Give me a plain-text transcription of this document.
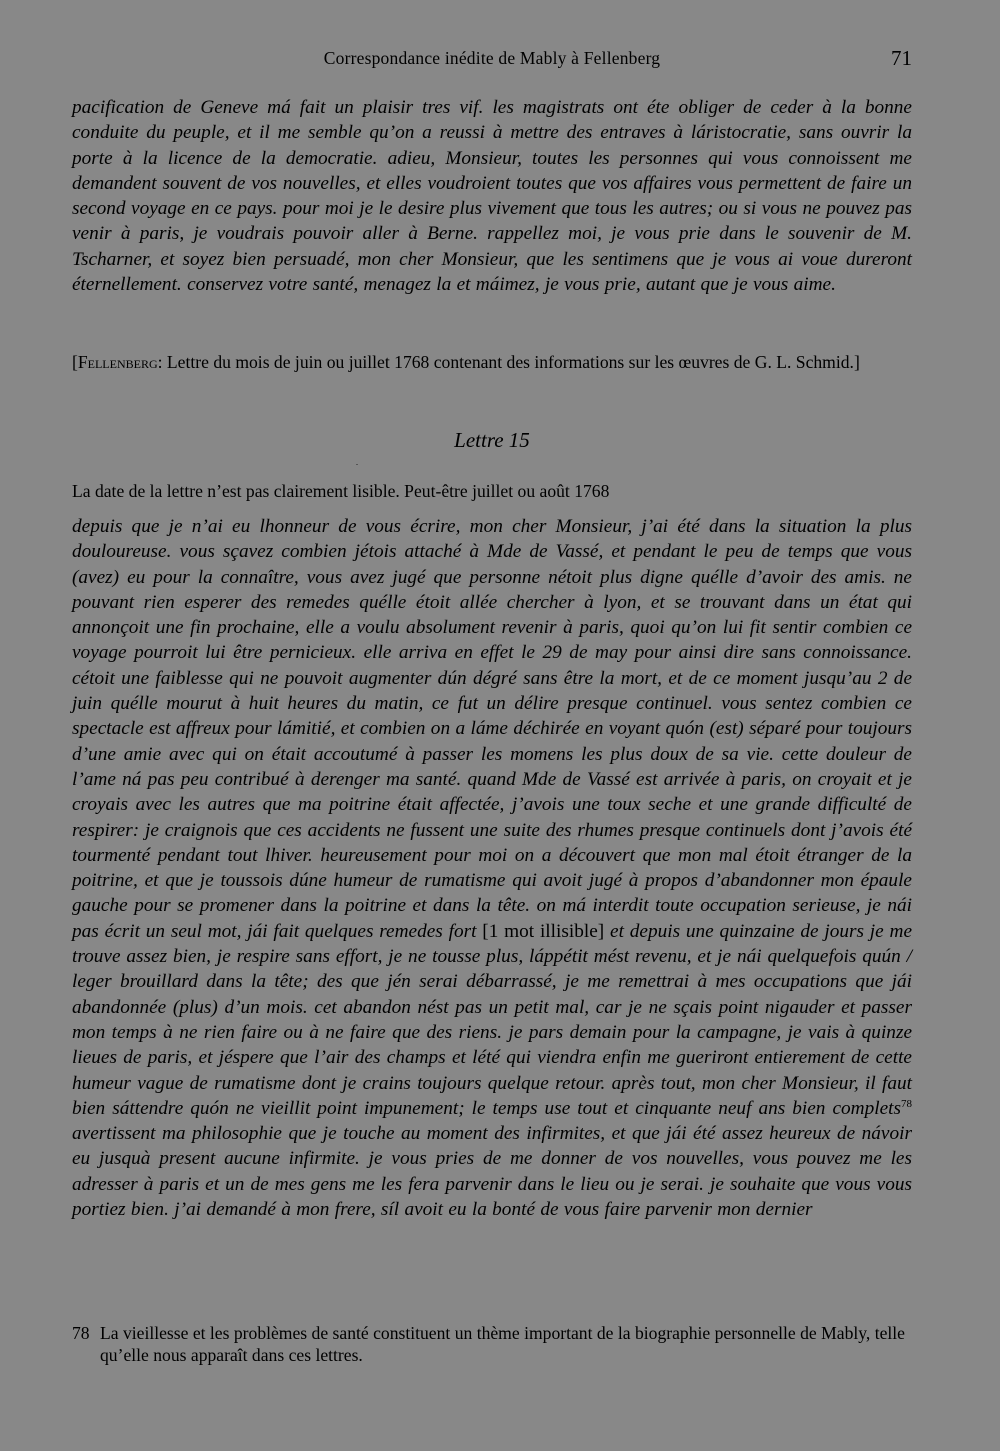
Correspondance inédite de Mably à Fellenberg	71

pacification de Geneve má fait un plaisir tres vif. les magistrats ont éte obliger de ceder à la bonne conduite du peuple, et il me semble qu’on a reussi à mettre des entraves à láristocratie, sans ouvrir la porte à la licence de la democratie. adieu, Monsieur, toutes les personnes qui vous connoissent me demandent souvent de vos nouvelles, et elles voudroient toutes que vos affaires vous permettent de faire un second voyage en ce pays. pour moi je le desire plus vivement que tous les autres; ou si vous ne pouvez pas venir à paris, je voudrais pouvoir aller à Berne. rappellez moi, je vous prie dans le souvenir de M. Tscharner, et soyez bien persuadé, mon cher Monsieur, que les sentimens que je vous ai voue dureront éternellement. conservez votre santé, menagez la et máimez, je vous prie, autant que je vous aime.

[Fellenberg: Lettre du mois de juin ou juillet 1768 contenant des informations sur les œuvres de G. L. Schmid.]

Lettre 15

La date de la lettre n’est pas clairement lisible. Peut-être juillet ou août 1768

depuis que je n’ai eu lhonneur de vous écrire, mon cher Monsieur, j’ai été dans la situation la plus douloureuse. vous sçavez combien jétois attaché à Mde de Vassé, et pendant le peu de temps que vous (avez) eu pour la connaître, vous avez jugé que personne nétoit plus digne quélle d’avoir des amis. ne pouvant rien esperer des remedes quélle étoit allée chercher à lyon, et se trouvant dans un état qui annonçoit une fin prochaine, elle a voulu absolument revenir à paris, quoi qu’on lui fit sentir combien ce voyage pourroit lui être pernicieux. elle arriva en effet le 29 de may pour ainsi dire sans connoissance. cétoit une faiblesse qui ne pouvoit augmenter dún dégré sans être la mort, et de ce moment jusqu’au 2 de juin quélle mourut à huit heures du matin, ce fut un délire presque continuel. vous sentez combien ce spectacle est affreux pour lámitié, et combien on a láme déchirée en voyant quón (est) séparé pour toujours d’une amie avec qui on était accoutumé à passer les momens les plus doux de sa vie. cette douleur de l’ame ná pas peu contribué à derenger ma santé. quand Mde de Vassé est arrivée à paris, on croyait et je croyais avec les autres que ma poitrine était affectée, j’avois une toux seche et une grande difficulté de respirer: je craignois que ces accidents ne fussent une suite des rhumes presque continuels dont j’avois été tourmenté pendant tout lhiver. heureusement pour moi on a découvert que mon mal étoit étranger de la poitrine, et que je toussois dúne humeur de rumatisme qui avoit jugé à propos d’abandonner mon épaule gauche pour se promener dans la poitrine et dans la tête. on má interdit toute occupation serieuse, je nái pas écrit un seul mot, jái fait quelques remedes fort [1 mot illisible] et depuis une quinzaine de jours je me trouve assez bien, je respire sans effort, je ne tousse plus, láppétit mést revenu, et je nái quelquefois quún / leger brouillard dans la tête; des que jén serai débarrassé, je me remettrai à mes occupations que jái abandonnée (plus) d’un mois. cet abandon nést pas un petit mal, car je ne sçais point nigauder et passer mon temps à ne rien faire ou à ne faire que des riens. je pars demain pour la campagne, je vais à quinze lieues de paris, et jéspere que l’air des champs et lété qui viendra enfin me gueriront entierement de cette humeur vague de rumatisme dont je crains toujours quelque retour. après tout, mon cher Monsieur, il faut bien sáttendre quón ne vieillit point impunement; le temps use tout et cinquante neuf ans bien complets$^{78}$ avertissent ma philosophie que je touche au moment des infirmites, et que jái été assez heureux de návoir eu jusquà present aucune infirmite. je vous pries de me donner de vos nouvelles, vous pouvez me les adresser à paris et un de mes gens me les fera parvenir dans le lieu ou je serai. je souhaite que vous vous portiez bien. j’ai demandé à mon frere, síl avoit eu la bonté de vous faire parvenir mon dernier

78 La vieillesse et les problèmes de santé constituent un thème important de la biographie personnelle de Mably, telle qu’elle nous apparaît dans ces lettres.
